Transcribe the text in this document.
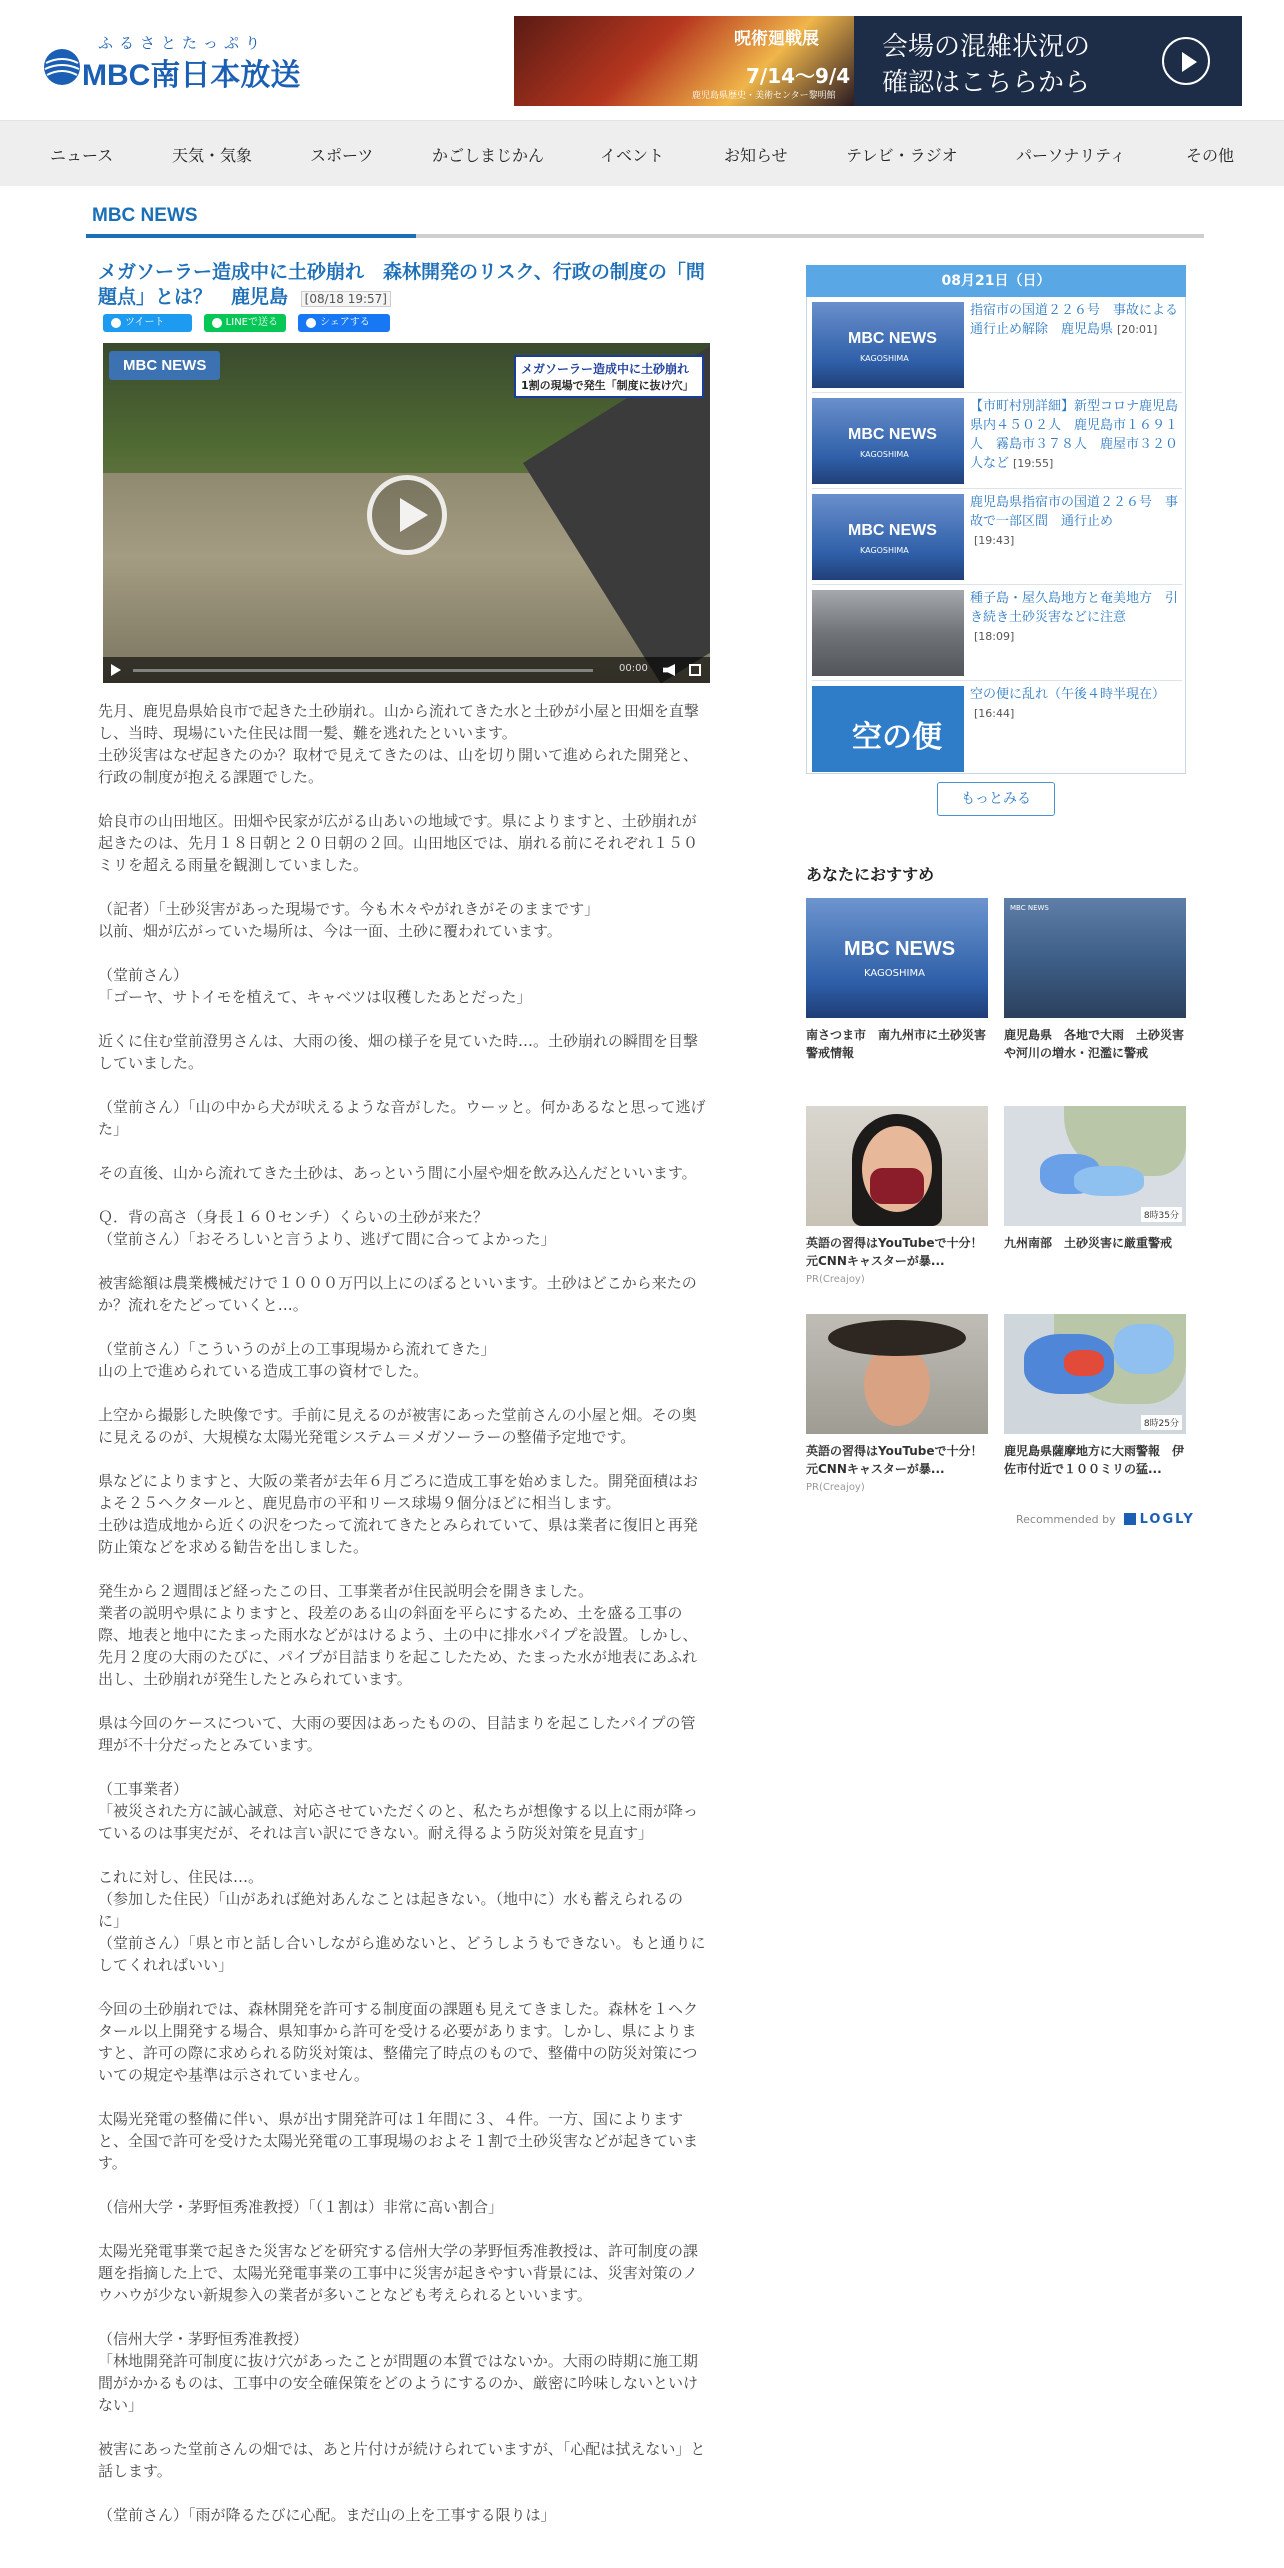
ふるさとたっぷり
MBC南日本放送
呪術廻戦展
7/14～9/4
鹿児島県歴史・美術センター黎明館
会場の混雑状況の
確認はこちらから
ニュース	天気・気象	スポーツ	かごしまじかん	イベント	お知らせ	テレビ・ラジオ	パーソナリティ	その他
MBC NEWS
メガソーラー造成中に土砂崩れ　森林開発のリスク、行政の制度の「問題点」とは？　鹿児島 [08/18 19:57]
ツイート	LINEで送る	シェアする
MBC NEWS	メガソーラー造成中に土砂崩れ
1割の現場で発生「制度に抜け穴」
00:00

先月、鹿児島県姶良市で起きた土砂崩れ。山から流れてきた水と土砂が小屋と田畑を直撃し、当時、現場にいた住民は間一髪、難を逃れたといいます。
土砂災害はなぜ起きたのか？取材で見えてきたのは、山を切り開いて進められた開発と、行政の制度が抱える課題でした。

姶良市の山田地区。田畑や民家が広がる山あいの地域です。県によりますと、土砂崩れが起きたのは、先月１８日朝と２０日朝の２回。山田地区では、崩れる前にそれぞれ１５０ミリを超える雨量を観測していました。

（記者）「土砂災害があった現場です。今も木々やがれきがそのままです」
以前、畑が広がっていた場所は、今は一面、土砂に覆われています。

（堂前さん）
「ゴーヤ、サトイモを植えて、キャベツは収穫したあとだった」

近くに住む堂前澄男さんは、大雨の後、畑の様子を見ていた時…。土砂崩れの瞬間を目撃していました。

（堂前さん）「山の中から犬が吠えるような音がした。ウーッと。何かあるなと思って逃げた」

その直後、山から流れてきた土砂は、あっという間に小屋や畑を飲み込んだといいます。

Ｑ．背の高さ（身長１６０センチ）くらいの土砂が来た？
（堂前さん）「おそろしいと言うより、逃げて間に合ってよかった」

被害総額は農業機械だけで１０００万円以上にのぼるといいます。土砂はどこから来たのか？流れをたどっていくと…。

（堂前さん）「こういうのが上の工事現場から流れてきた」
山の上で進められている造成工事の資材でした。

上空から撮影した映像です。手前に見えるのが被害にあった堂前さんの小屋と畑。その奥に見えるのが、大規模な太陽光発電システム＝メガソーラーの整備予定地です。

県などによりますと、大阪の業者が去年６月ごろに造成工事を始めました。開発面積はおよそ２５ヘクタールと、鹿児島市の平和リース球場９個分ほどに相当します。
土砂は造成地から近くの沢をつたって流れてきたとみられていて、県は業者に復旧と再発防止策などを求める勧告を出しました。

発生から２週間ほど経ったこの日、工事業者が住民説明会を開きました。
業者の説明や県によりますと、段差のある山の斜面を平らにするため、土を盛る工事の際、地表と地中にたまった雨水などがはけるよう、土の中に排水パイプを設置。しかし、先月２度の大雨のたびに、パイプが目詰まりを起こしたため、たまった水が地表にあふれ出し、土砂崩れが発生したとみられています。

県は今回のケースについて、大雨の要因はあったものの、目詰まりを起こしたパイプの管理が不十分だったとみています。

（工事業者）
「被災された方に誠心誠意、対応させていただくのと、私たちが想像する以上に雨が降っているのは事実だが、それは言い訳にできない。耐え得るよう防災対策を見直す」

これに対し、住民は…。
（参加した住民）「山があれば絶対あんなことは起きない。（地中に）水も蓄えられるのに」
（堂前さん）「県と市と話し合いしながら進めないと、どうしようもできない。もと通りにしてくれればいい」

今回の土砂崩れでは、森林開発を許可する制度面の課題も見えてきました。森林を１ヘクタール以上開発する場合、県知事から許可を受ける必要があります。しかし、県によりますと、許可の際に求められる防災対策は、整備完了時点のもので、整備中の防災対策についての規定や基準は示されていません。

太陽光発電の整備に伴い、県が出す開発許可は１年間に３、４件。一方、国によりますと、全国で許可を受けた太陽光発電の工事現場のおよそ１割で土砂災害などが起きています。

（信州大学・茅野恒秀准教授）「（１割は）非常に高い割合」

太陽光発電事業で起きた災害などを研究する信州大学の茅野恒秀准教授は、許可制度の課題を指摘した上で、太陽光発電事業の工事中に災害が起きやすい背景には、災害対策のノウハウが少ない新規参入の業者が多いことなども考えられるといいます。

（信州大学・茅野恒秀准教授）
「林地開発許可制度に抜け穴があったことが問題の本質ではないか。大雨の時期に施工期間がかかるものは、工事中の安全確保策をどのようにするのか、厳密に吟味しないといけない」

被害にあった堂前さんの畑では、あと片付けが続けられていますが、「心配は拭えない」と話します。

（堂前さん）「雨が降るたびに心配。まだ山の上を工事する限りは」

08月21日（日）
MBC NEWS
KAGOSHIMA
指宿市の国道２２６号　事故による通行止め解除　鹿児島県 [20:01]
MBC NEWS
KAGOSHIMA
【市町村別詳細】新型コロナ鹿児島県内４５０２人　鹿児島市１６９１人　霧島市３７８人　鹿屋市３２０人など [19:55]
MBC NEWS
KAGOSHIMA
鹿児島県指宿市の国道２２６号　事故で一部区間　通行止め
[19:43]
種子島・屋久島地方と奄美地方　引き続き土砂災害などに注意
[18:09]
空の便
空の便に乱れ（午後４時半現在）[16:44]
もっとみる
あなたにおすすめ
MBC NEWS
KAGOSHIMA
南さつま市　南九州市に土砂災害警戒情報
MBC NEWS
鹿児島県　各地で大雨　土砂災害や河川の増水・氾濫に警戒
英語の習得はYouTubeで十分！元CNNキャスターが暴...
PR(Creajoy)
8時35分
九州南部　土砂災害に厳重警戒
英語の習得はYouTubeで十分！元CNNキャスターが暴...
PR(Creajoy)
8時25分
鹿児島県薩摩地方に大雨警報　伊佐市付近で１００ミリの猛...
Recommended by LOGLY
